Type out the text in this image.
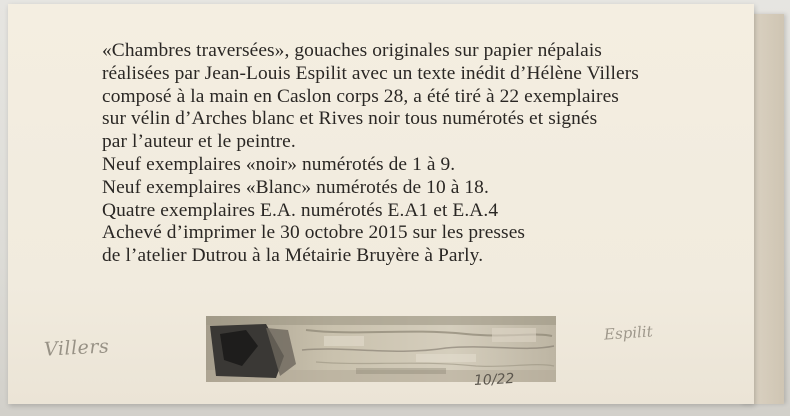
«Chambres traversées», gouaches originales sur papier népalais
réalisées par Jean-Louis Espilit avec un texte inédit d’Hélène Villers
composé à la main en Caslon corps 28, a été tiré à 22 exemplaires
sur vélin d’Arches blanc et Rives noir tous numérotés et signés
par l’auteur et le peintre.
Neuf exemplaires «noir» numérotés de 1 à 9.
Neuf exemplaires «Blanc» numérotés de 10 à 18.
Quatre exemplaires E.A. numérotés E.A1 et E.A.4
Achevé d’imprimer le 30 octobre 2015 sur les presses
de l’atelier Dutrou à la Métairie Bruyère à Parly.
Villers
Espilit
10/22
